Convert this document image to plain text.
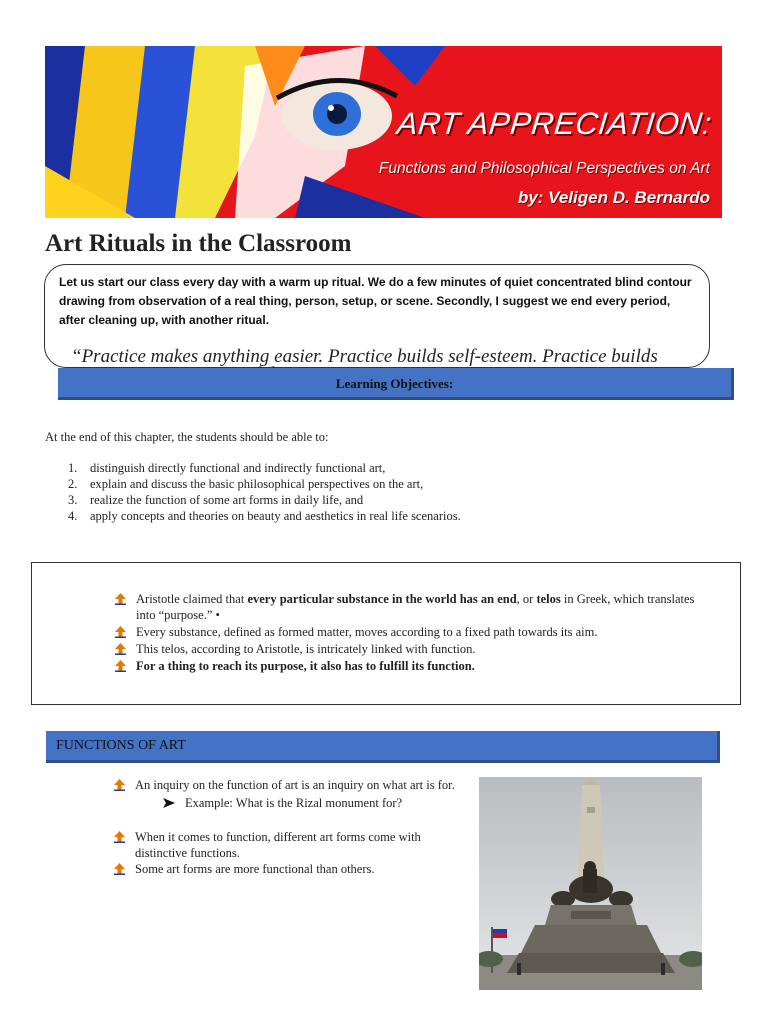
ART APPRECIATION:
Functions and Philosophical Perspectives on Art
by: Veligen D. Bernardo
Art Rituals in the Classroom

Let us start our class every day with a warm up ritual. We do a few minutes of quiet concentrated blind contour drawing from observation of a real thing, person, setup, or scene. Secondly, I suggest we end every period, after cleaning up, with another ritual.

“Practice makes anything easier. Practice builds self-esteem. Practice builds
Learning Objectives:

At the end of this chapter, the students should be able to:

1. distinguish directly functional and indirectly functional art,
2. explain and discuss the basic philosophical perspectives on the art,
3. realize the function of some art forms in daily life, and
4. apply concepts and theories on beauty and aesthetics in real life scenarios.
Aristotle claimed that every particular substance in the world has an end, or telos in Greek, which translates into “purpose.” •
Every substance, defined as formed matter, moves according to a fixed path towards its aim.
This telos, according to Aristotle, is intricately linked with function.
For a thing to reach its purpose, it also has to fulfill its function.
FUNCTIONS OF ART
An inquiry on the function of art is an inquiry on what art is for.
Example: What is the Rizal monument for?
When it comes to function, different art forms come with distinctive functions.
Some art forms are more functional than others.
